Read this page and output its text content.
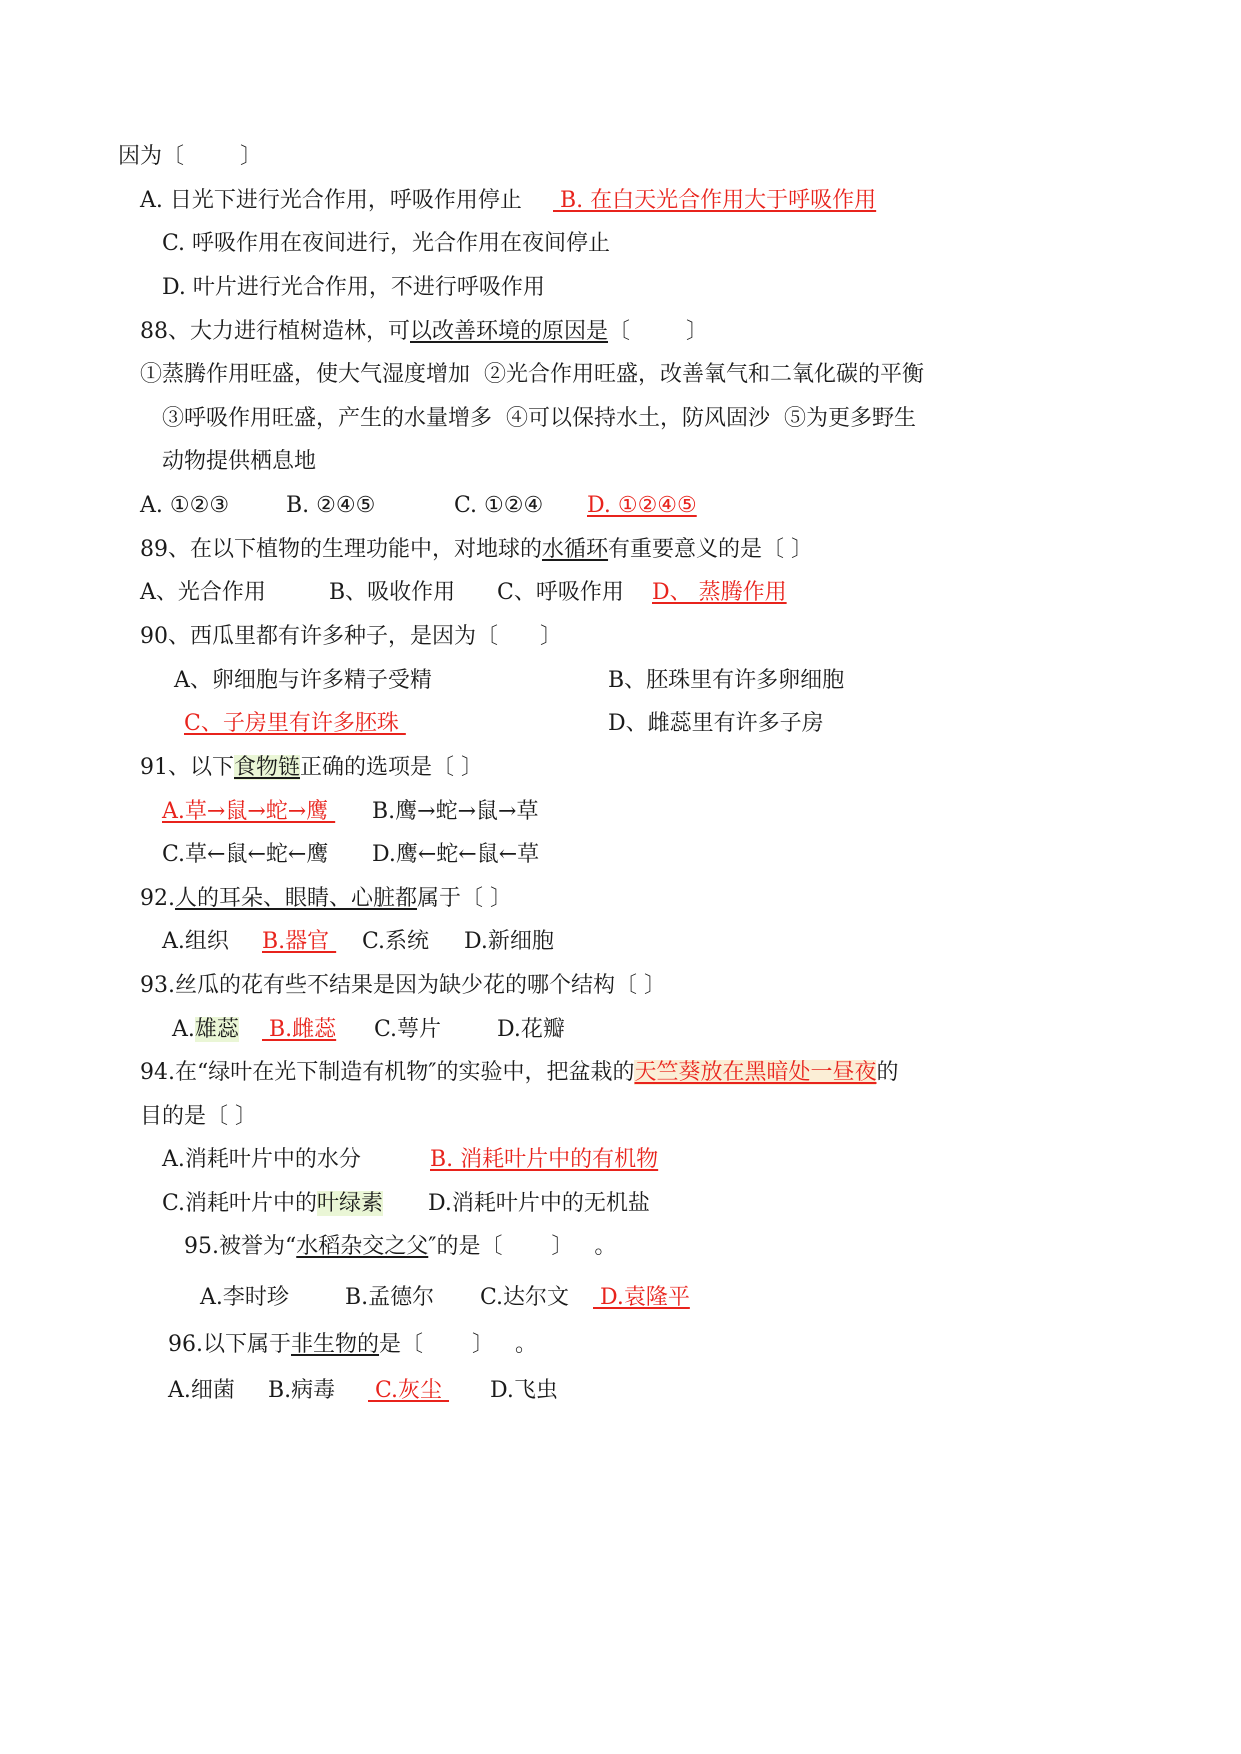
因为〔        〕
A. 日光下进行光合作用，呼吸作用停止 B. 在白天光合作用大于呼吸作用
C. 呼吸作用在夜间进行，光合作用在夜间停止
D. 叶片进行光合作用，不进行呼吸作用
88、大力进行植树造林，可以改善环境的原因是〔        〕
①蒸腾作用旺盛，使大气湿度增加  ②光合作用旺盛，改善氧气和二氧化碳的平衡
③呼吸作用旺盛，产生的水量增多  ④可以保持水土，防风固沙  ⑤为更多野生
动物提供栖息地
A. ①②③	B. ②④⑤	C. ①②④ D. ①②④⑤
89、在以下植物的生理功能中，对地球的水循环有重要意义的是〔 〕
A、光合作用	B、吸收作用 C、呼吸作用 D、 蒸腾作用
90、西瓜里都有许多种子，是因为〔      〕
A、卵细胞与许多精子受精	B、胚珠里有许多卵细胞
C、子房里有许多胚珠	D、雌蕊里有许多子房
91、以下食物链正确的选项是〔 〕
A.草→鼠→蛇→鹰 B.鹰→蛇→鼠→草
C.草←鼠←蛇←鹰 D.鹰←蛇←鼠←草
92.人的耳朵、眼睛、心脏都属于〔 〕
A.组织 B.器官 C.系统 D.新细胞
93.丝瓜的花有些不结果是因为缺少花的哪个结构〔 〕
A.雄蕊 B.雌蕊 C.萼片	D.花瓣
94.在“绿叶在光下制造有机物″的实验中，把盆栽的天竺葵放在黑暗处一昼夜的
目的是〔 〕
A.消耗叶片中的水分	B. 消耗叶片中的有机物
C.消耗叶片中的叶绿素 D.消耗叶片中的无机盐
95.被誉为“水稻杂交之父″的是〔       〕   。
A.李时珍	B.孟德尔 C.达尔文 D.袁隆平
96.以下属于非生物的是〔       〕   。
A.细菌 B.病毒 C.灰尘 D.飞虫
